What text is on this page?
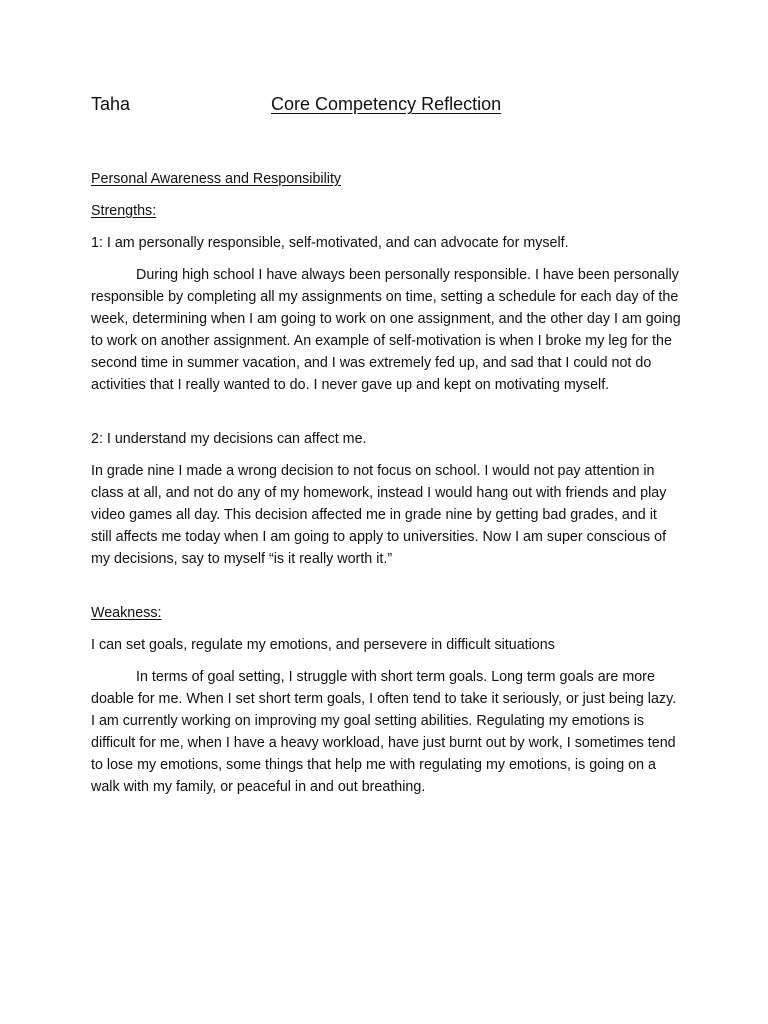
Taha	Core Competency Reflection

Personal Awareness and Responsibility

Strengths:

1: I am personally responsible, self-motivated, and can advocate for myself.

During high school I have always been personally responsible. I have been personally responsible by completing all my assignments on time, setting a schedule for each day of the week, determining when I am going to work on one assignment, and the other day I am going to work on another assignment. An example of self-motivation is when I broke my leg for the second time in summer vacation, and I was extremely fed up, and sad that I could not do activities that I really wanted to do. I never gave up and kept on motivating myself.

2: I understand my decisions can affect me.

In grade nine I made a wrong decision to not focus on school. I would not pay attention in class at all, and not do any of my homework, instead I would hang out with friends and play video games all day. This decision affected me in grade nine by getting bad grades, and it still affects me today when I am going to apply to universities. Now I am super conscious of my decisions, say to myself “is it really worth it.”

Weakness:

I can set goals, regulate my emotions, and persevere in difficult situations

In terms of goal setting, I struggle with short term goals. Long term goals are more doable for me. When I set short term goals, I often tend to take it seriously, or just being lazy. I am currently working on improving my goal setting abilities. Regulating my emotions is difficult for me, when I have a heavy workload, have just burnt out by work, I sometimes tend to lose my emotions, some things that help me with regulating my emotions, is going on a walk with my family, or peaceful in and out breathing.
